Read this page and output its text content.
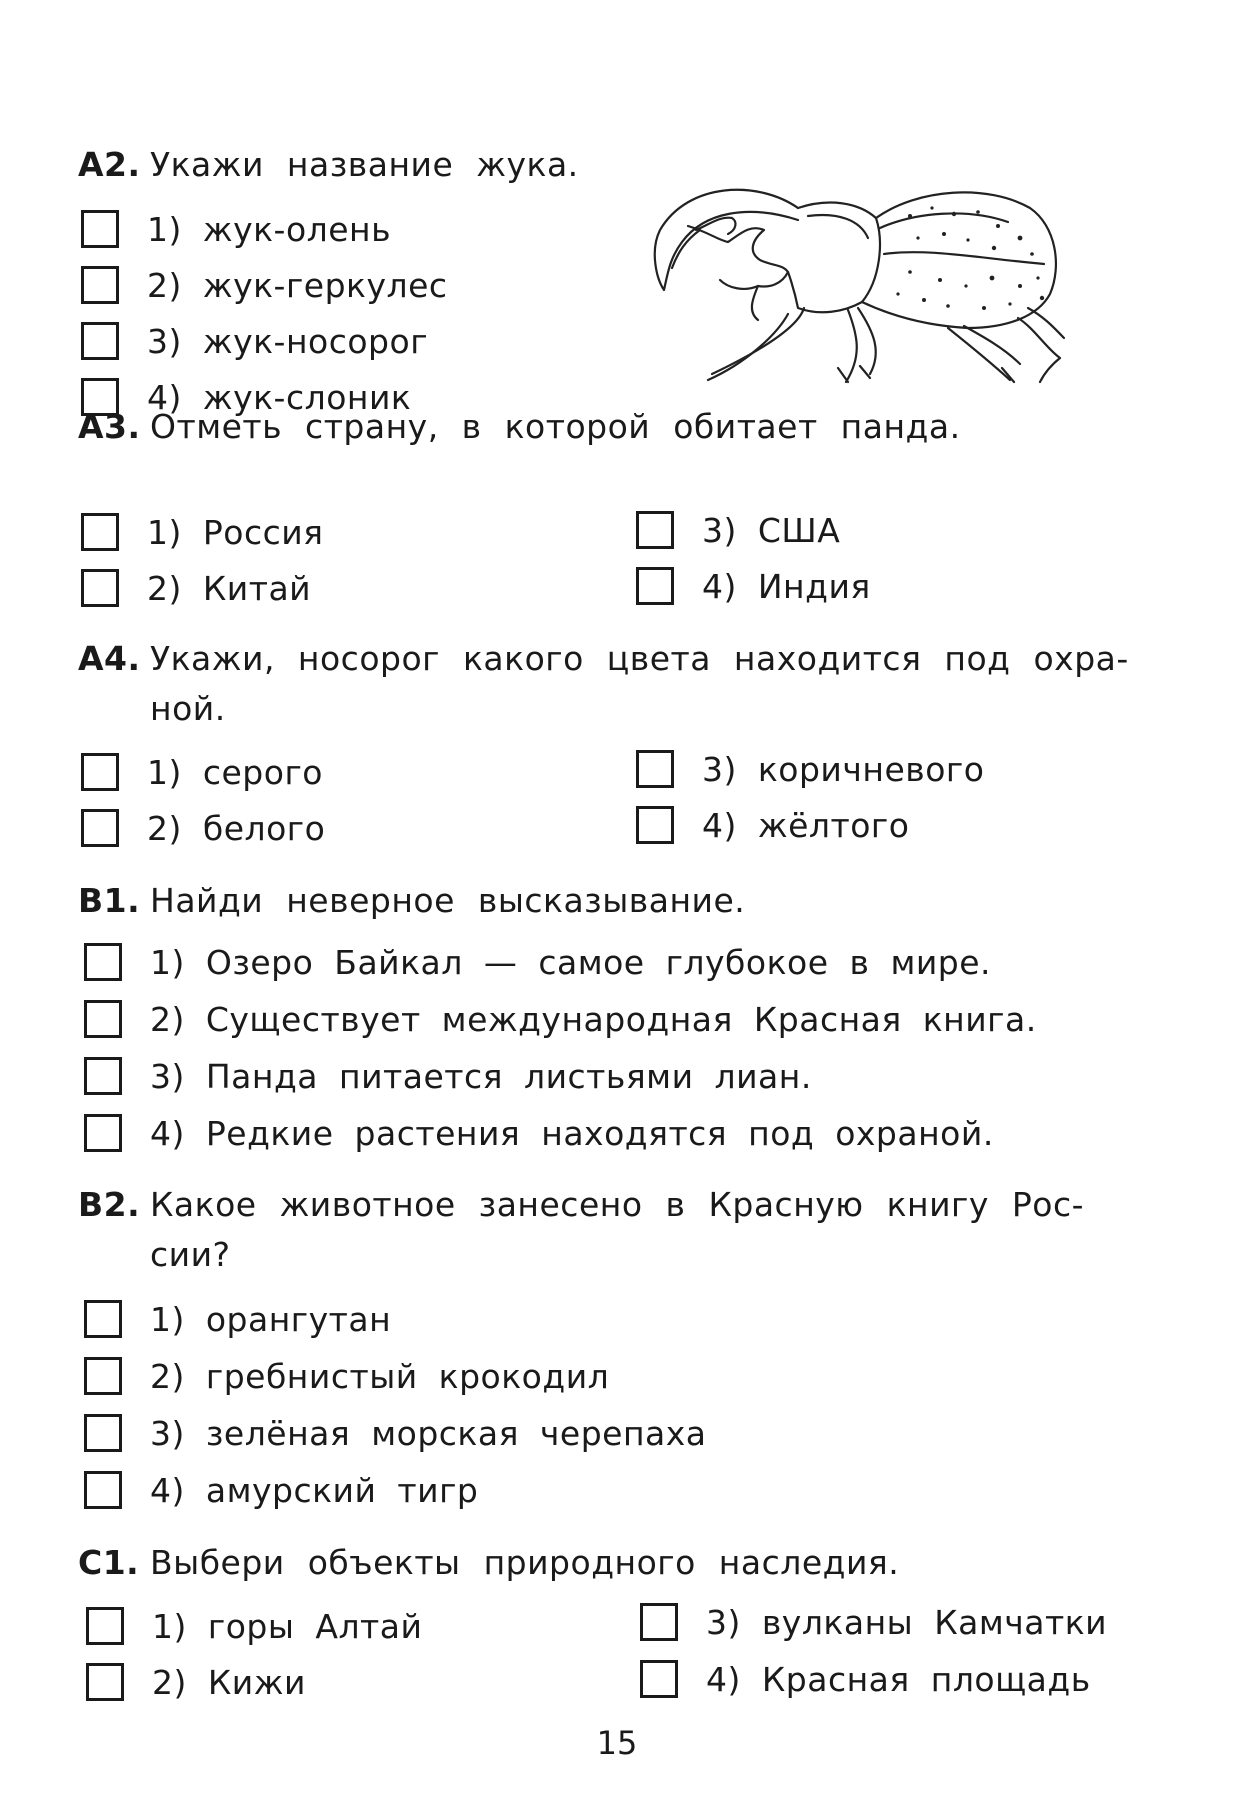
А2. Укажи название жука.
1) жук-олень
2) жук-геркулес
3) жук-носорог
4) жук-слоник
А3. Отметь страну, в которой обитает панда.
1) Россия
2) Китай
3) США
4) Индия
А4. Укажи, носорог какого цвета находится под охра-
ной.
1) серого
2) белого
3) коричневого
4) жёлтого
В1. Найди неверное высказывание.
1) Озеро Байкал — самое глубокое в мире.
2) Существует международная Красная книга.
3) Панда питается листьями лиан.
4) Редкие растения находятся под охраной.
В2. Какое животное занесено в Красную книгу Рос-
сии?
1) орангутан
2) гребнистый крокодил
3) зелёная морская черепаха
4) амурский тигр
С1. Выбери объекты природного наследия.
1) горы Алтай
2) Кижи
3) вулканы Камчатки
4) Красная площадь
15
